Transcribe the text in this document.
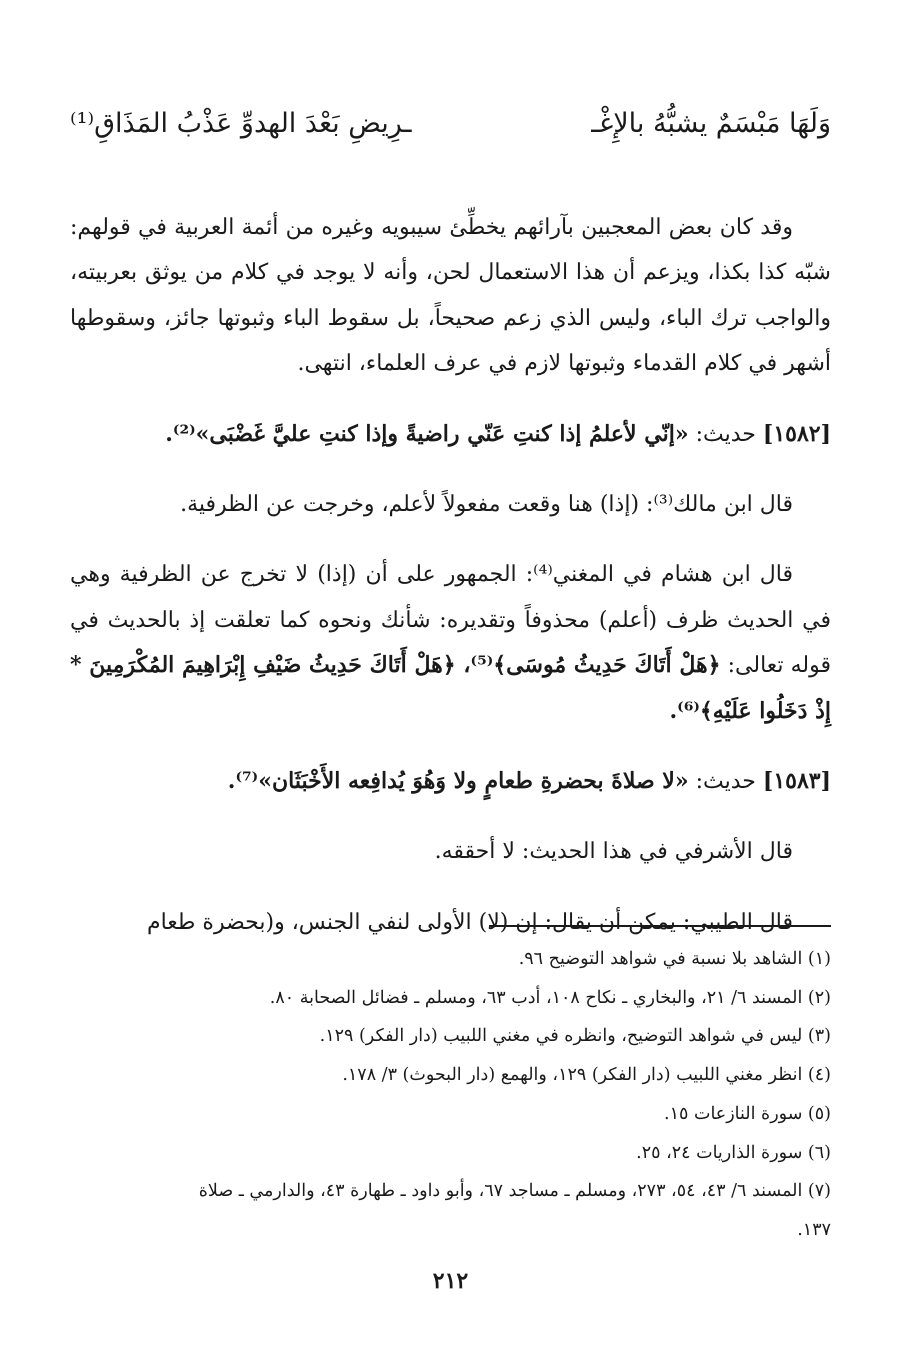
وَلَهَا مَبْسَمٌ يشبُّهُ بالإِغْـ
ـرِيضِ بَعْدَ الهدوِّ عَذْبُ المَذَاقِ⁽¹⁾

وقد كان بعض المعجبين بآرائهم يخطِّئ سيبويه وغيره من أئمة العربية في قولهم: شبّه كذا بكذا، ويزعم أن هذا الاستعمال لحن، وأنه لا يوجد في كلام من يوثق بعربيته، والواجب ترك الباء، وليس الذي زعم صحيحاً، بل سقوط الباء وثبوتها جائز، وسقوطها أشهر في كلام القدماء وثبوتها لازم في عرف العلماء، انتهى.

[١٥٨٢] حديث: «إنّي لأعلمُ إذا كنتِ عَنّي راضيةً وإذا كنتِ عليَّ غَضْبَى»⁽²⁾.

قال ابن مالك⁽³⁾: (إذا) هنا وقعت مفعولاً لأعلم، وخرجت عن الظرفية.

قال ابن هشام في المغني⁽⁴⁾: الجمهور على أن (إذا) لا تخرج عن الظرفية وهي في الحديث ظرف (أعلم) محذوفاً وتقديره: شأنك ونحوه كما تعلقت إذ بالحديث في قوله تعالى: ﴿هَلْ أَتَاكَ حَدِيثُ مُوسَى﴾⁽⁵⁾، ﴿هَلْ أَتَاكَ حَدِيثُ ضَيْفِ إِبْرَاهِيمَ المُكْرَمِينَ * إِذْ دَخَلُوا عَلَيْهِ﴾⁽⁶⁾.

[١٥٨٣] حديث: «لا صلاةَ بحضرةِ طعامٍ ولا وَهُوَ يُدافِعه الأَخْبَثَان»⁽⁷⁾.

قال الأشرفي في هذا الحديث: لا أحققه.

قال الطيبي: يمكن أن يقال: إن (لا) الأولى لنفي الجنس، و(بحضرة طعام

(١) الشاهد بلا نسبة في شواهد التوضيح ٩٦.

(٢) المسند ٦/ ٢١، والبخاري ـ نكاح ١٠٨، أدب ٦٣، ومسلم ـ فضائل الصحابة ٨٠.

(٣) ليس في شواهد التوضيح، وانظره في مغني اللبيب (دار الفكر) ١٢٩.

(٤) انظر مغني اللبيب (دار الفكر) ١٢٩، والهمع (دار البحوث) ٣/ ١٧٨.

(٥) سورة النازعات ١٥.

(٦) سورة الذاريات ٢٤، ٢٥.

(٧) المسند ٦/ ٤٣، ٥٤، ٢٧٣، ومسلم ـ مساجد ٦٧، وأبو داود ـ طهارة ٤٣، والدارمي ـ صلاة

١٣٧.

٢١٢
